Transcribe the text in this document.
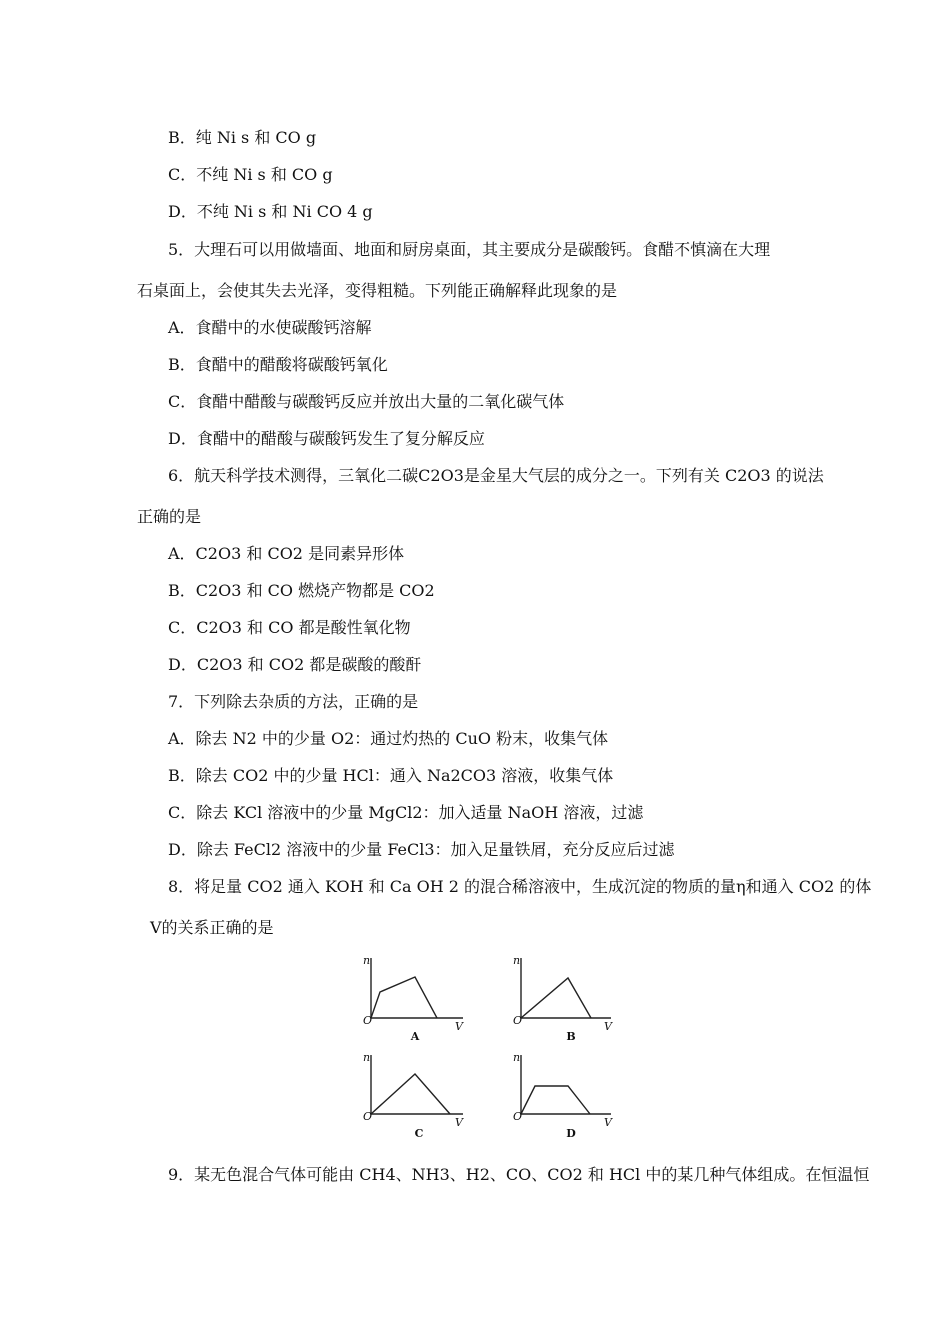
B．纯 Ni s 和 CO g
C．不纯 Ni s 和 CO g
D．不纯 Ni s 和 Ni CO 4 g
5．大理石可以用做墙面、地面和厨房桌面，其主要成分是碳酸钙。食醋不慎滴在大理
石桌面上，会使其失去光泽，变得粗糙。下列能正确解释此现象的是
A．食醋中的水使碳酸钙溶解
B．食醋中的醋酸将碳酸钙氧化
C．食醋中醋酸与碳酸钙反应并放出大量的二氧化碳气体
D．食醋中的醋酸与碳酸钙发生了复分解反应
6．航天科学技术测得，三氧化二碳C2O3是金星大气层的成分之一。下列有关 C2O3 的说法
正确的是
A．C2O3 和 CO2 是同素异形体
B．C2O3 和 CO 燃烧产物都是 CO2
C．C2O3 和 CO 都是酸性氧化物
D．C2O3 和 CO2 都是碳酸的酸酐
7．下列除去杂质的方法，正确的是
A．除去 N2 中的少量 O2：通过灼热的 CuO 粉末，收集气体
B．除去 CO2 中的少量 HCl：通入 Na2CO3 溶液，收集气体
C．除去 KCl 溶液中的少量 MgCl2：加入适量 NaOH 溶液，过滤
D．除去 FeCl2 溶液中的少量 FeCl3：加入足量铁屑，充分反应后过滤
8．将足量 CO2 通入 KOH 和 Ca OH 2 的混合稀溶液中，生成沉淀的物质的量η和通入 CO2 的体
V的关系正确的是
n
O	V
A
n
O	V
B
n
O	V
C
n
O	V
D
9．某无色混合气体可能由 CH4、NH3、H2、CO、CO2 和 HCl 中的某几种气体组成。在恒温恒
